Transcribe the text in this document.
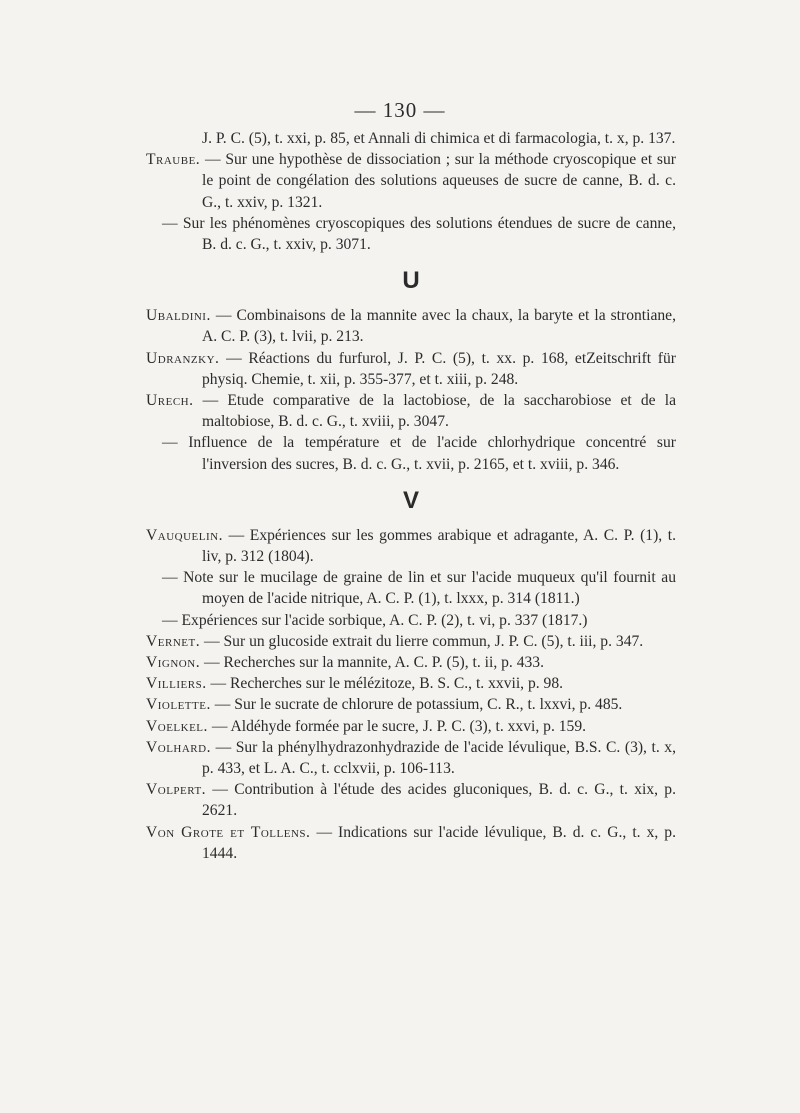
— 130 —

J. P. C. (5), t. xxi, p. 85, et Annali di chimica et di farmacologia, t. x, p. 137.

Traube. — Sur une hypothèse de dissociation ; sur la méthode cryoscopique et sur le point de congélation des solutions aqueuses de sucre de canne, B. d. c. G., t. xxiv, p. 1321.

— Sur les phénomènes cryoscopiques des solutions étendues de sucre de canne, B. d. c. G., t. xxiv, p. 3071.

U

Ubaldini. — Combinaisons de la mannite avec la chaux, la baryte et la strontiane, A. C. P. (3), t. lvii, p. 213.

Udranzky. — Réactions du furfurol, J. P. C. (5), t. xx. p. 168, etZeitschrift für physiq. Chemie, t. xii, p. 355-377, et t. xiii, p. 248.

Urech. — Etude comparative de la lactobiose, de la saccharobiose et de la maltobiose, B. d. c. G., t. xviii, p. 3047.

— Influence de la température et de l'acide chlorhydrique concentré sur l'inversion des sucres, B. d. c. G., t. xvii, p. 2165, et t. xviii, p. 346.

V

Vauquelin. — Expériences sur les gommes arabique et adragante, A. C. P. (1), t. liv, p. 312 (1804).

— Note sur le mucilage de graine de lin et sur l'acide muqueux qu'il fournit au moyen de l'acide nitrique, A. C. P. (1), t. lxxx, p. 314 (1811.)

— Expériences sur l'acide sorbique, A. C. P. (2), t. vi, p. 337 (1817.)

Vernet. — Sur un glucoside extrait du lierre commun, J. P. C. (5), t. iii, p. 347.

Vignon. — Recherches sur la mannite, A. C. P. (5), t. ii, p. 433.

Villiers. — Recherches sur le mélézitoze, B. S. C., t. xxvii, p. 98.

Violette. — Sur le sucrate de chlorure de potassium, C. R., t. lxxvi, p. 485.

Voelkel. — Aldéhyde formée par le sucre, J. P. C. (3), t. xxvi, p. 159.

Volhard. — Sur la phénylhydrazonhydrazide de l'acide lévulique, B.S. C. (3), t. x, p. 433, et L. A. C., t. cclxvii, p. 106-113.

Volpert. — Contribution à l'étude des acides gluconiques, B. d. c. G., t. xix, p. 2621.

Von Grote et Tollens. — Indications sur l'acide lévulique, B. d. c. G., t. x, p. 1444.
